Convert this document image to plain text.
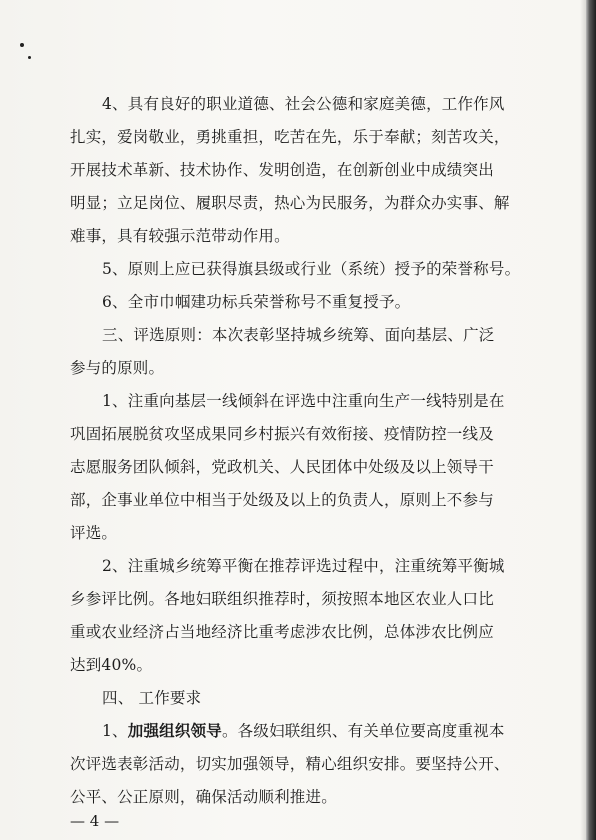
4、具有良好的职业道德、社会公德和家庭美德，工作作风
扎实，爱岗敬业，勇挑重担，吃苦在先，乐于奉献；刻苦攻关，
开展技术革新、技术协作、发明创造，在创新创业中成绩突出
明显；立足岗位、履职尽责，热心为民服务，为群众办实事、解
难事，具有较强示范带动作用。
5、原则上应已获得旗县级或行业（系统）授予的荣誉称号。
6、全市巾帼建功标兵荣誉称号不重复授予。
三、评选原则：本次表彰坚持城乡统筹、面向基层、广泛
参与的原则。
1、注重向基层一线倾斜在评选中注重向生产一线特别是在
巩固拓展脱贫攻坚成果同乡村振兴有效衔接、疫情防控一线及
志愿服务团队倾斜，党政机关、人民团体中处级及以上领导干
部，企事业单位中相当于处级及以上的负责人，原则上不参与
评选。
2、注重城乡统筹平衡在推荐评选过程中，注重统筹平衡城
乡参评比例。各地妇联组织推荐时，须按照本地区农业人口比
重或农业经济占当地经济比重考虑涉农比例，总体涉农比例应
达到40%。
四、 工作要求
1、加强组织领导。各级妇联组织、有关单位要高度重视本
次评选表彰活动，切实加强领导，精心组织安排。要坚持公开、
公平、公正原则，确保活动顺利推进。
— 4 —
